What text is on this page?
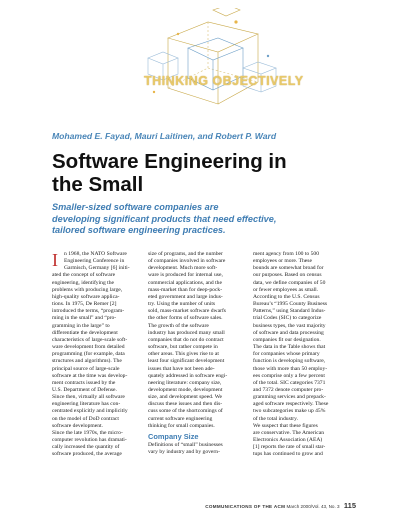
THINKING OBJECTIVELY
Mohamed E. Fayad, Mauri Laitinen, and Robert P. Ward
Software Engineering in
the Small
Smaller-sized software companies are
developing significant products that need effective,
tailored software engineering practices.
I	n 1968, the NATO Software
Engineering Conference in
Garmisch, Germany [6] initi-
ated the concept of software
engineering, identifying the
problems with producing large,
high-quality software applica-
tions. In 1975, De Remer [2]
introduced the terms, “program-
ming in the small” and “pro-
gramming in the large” to
differentiate the development
characteristics of large-scale soft-
ware development from detailed
programming (for example, data
structures and algorithms). The
principal source of large-scale
software at the time was develop-
ment contracts issued by the
U.S. Department of Defense.
Since then, virtually all software
engineering literature has con-
centrated explicitly and implicitly
on the model of DoD contract
software development.
Since the late 1970s, the micro-
computer revolution has dramati-
cally increased the quantity of
software produced, the average
size of programs, and the number
of companies involved in software
development. Much more soft-
ware is produced for internal use,
commercial applications, and the
mass-market than for deep-pock-
eted government and large indus-
try. Using the number of units
sold, mass-market software dwarfs
the other forms of software sales.
The growth of the software
industry has produced many small
companies that do not do contract
software, but rather compete in
other areas. This gives rise to at
least four significant development
issues that have not been ade-
quately addressed in software engi-
neering literature: company size,
development mode, development
size, and development speed. We
discuss these issues and then dis-
cuss some of the shortcomings of
current software engineering
thinking for small companies.
Company Size
Definitions of “small” businesses
vary by industry and by govern-
ment agency from 100 to 500
employees or more. These
bounds are somewhat broad for
our purposes. Based on census
data, we define companies of 50
or fewer employees as small.
According to the U.S. Census
Bureau’s “1995 County Business
Patterns,” using Standard Indus-
trial Codes (SIC) to categorize
business types, the vast majority
of software and data processing
companies fit our designation.
The data in the Table shows that
for companies whose primary
function is developing software,
those with more than 50 employ-
ees comprise only a few percent
of the total. SIC categories 7371
and 7372 denote computer pro-
gramming services and prepack-
aged software respectively. These
two subcategories make up 45%
of the total industry.
We suspect that these figures
are conservative. The American
Electronics Association (AEA)
[1] reports the rate of small star-
tups has continued to grow and
COMMUNICATIONS OF THE ACM March 2000/Vol. 43, No. 3 115
